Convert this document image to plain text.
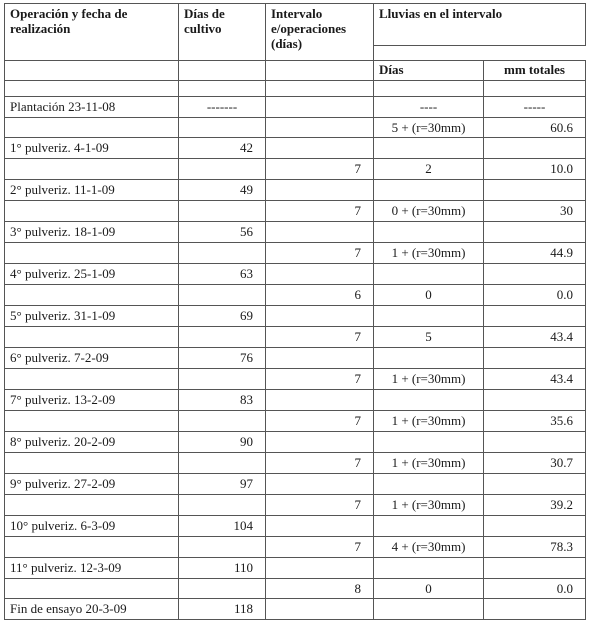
Operación y fecha de realización	Días de cultivo	Intervalo e/operaciones (días)	Lluvias en el intervalo	

			Días	mm totales

Plantación 23-11-08	-------		----	-----
			5 + (r=30mm)	60.6
1° pulveriz. 4-1-09	42			
		7	2	10.0
2° pulveriz. 11-1-09	49			
		7	0 + (r=30mm)	30
3° pulveriz. 18-1-09	56			
		7	1 + (r=30mm)	44.9
4° pulveriz. 25-1-09	63			
		6	0	0.0
5° pulveriz. 31-1-09	69			
		7	5	43.4
6° pulveriz. 7-2-09	76			
		7	1 + (r=30mm)	43.4
7° pulveriz. 13-2-09	83			
		7	1 + (r=30mm)	35.6
8° pulveriz. 20-2-09	90			
		7	1 + (r=30mm)	30.7
9° pulveriz. 27-2-09	97			
		7	1 + (r=30mm)	39.2
10° pulveriz. 6-3-09	104			
		7	4 + (r=30mm)	78.3
11° pulveriz. 12-3-09	110			
		8	0	0.0
Fin de ensayo 20-3-09	118			
